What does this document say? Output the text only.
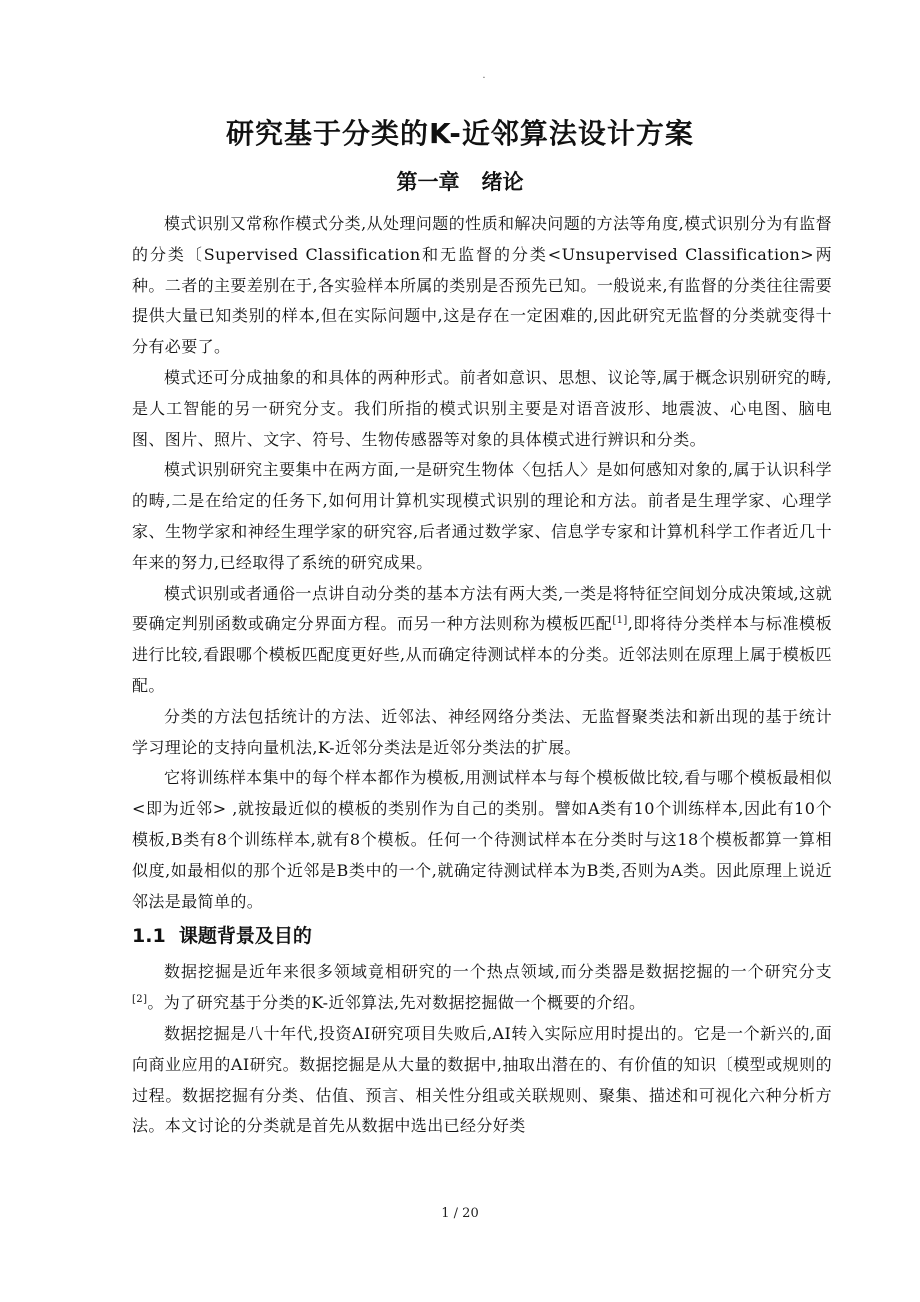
.
研究基于分类的K-近邻算法设计方案
第一章   绪论

模式识别又常称作模式分类,从处理问题的性质和解决问题的方法等角度,模式识别分为有监督的分类〔Supervised Classification和无监督的分类<Unsupervised Classification>两种。二者的主要差别在于,各实验样本所属的类别是否预先已知。一般说来,有监督的分类往往需要提供大量已知类别的样本,但在实际问题中,这是存在一定困难的,因此研究无监督的分类就变得十分有必要了。

模式还可分成抽象的和具体的两种形式。前者如意识、思想、议论等,属于概念识别研究的畴,是人工智能的另一研究分支。我们所指的模式识别主要是对语音波形、地震波、心电图、脑电图、图片、照片、文字、符号、生物传感器等对象的具体模式进行辨识和分类。

模式识别研究主要集中在两方面,一是研究生物体〈包括人〉是如何感知对象的,属于认识科学的畴,二是在给定的任务下,如何用计算机实现模式识别的理论和方法。前者是生理学家、心理学家、生物学家和神经生理学家的研究容,后者通过数学家、信息学专家和计算机科学工作者近几十年来的努力,已经取得了系统的研究成果。

模式识别或者通俗一点讲自动分类的基本方法有两大类,一类是将特征空间划分成决策域,这就要确定判别函数或确定分界面方程。而另一种方法则称为模板匹配[1],即将待分类样本与标准模板进行比较,看跟哪个模板匹配度更好些,从而确定待测试样本的分类。近邻法则在原理上属于模板匹配。

分类的方法包括统计的方法、近邻法、神经网络分类法、无监督聚类法和新出现的基于统计学习理论的支持向量机法,K-近邻分类法是近邻分类法的扩展。

它将训练样本集中的每个样本都作为模板,用测试样本与每个模板做比较,看与哪个模板最相似<即为近邻> ,就按最近似的模板的类别作为自己的类别。譬如A类有10个训练样本,因此有10个模板,B类有8个训练样本,就有8个模板。任何一个待测试样本在分类时与这18个模板都算一算相似度,如最相似的那个近邻是B类中的一个,就确定待测试样本为B类,否则为A类。因此原理上说近邻法是最简单的。

1.1  课题背景及目的

数据挖掘是近年来很多领域竟相研究的一个热点领域,而分类器是数据挖掘的一个研究分支[2]。为了研究基于分类的K-近邻算法,先对数据挖掘做一个概要的介绍。

数据挖掘是八十年代,投资AI研究项目失败后,AI转入实际应用时提出的。它是一个新兴的,面向商业应用的AI研究。数据挖掘是从大量的数据中,抽取出潜在的、有价值的知识〔模型或规则的过程。数据挖掘有分类、估值、预言、相关性分组或关联规则、聚集、描述和可视化六种分析方法。本文讨论的分类就是首先从数据中选出已经分好类

1 / 20
